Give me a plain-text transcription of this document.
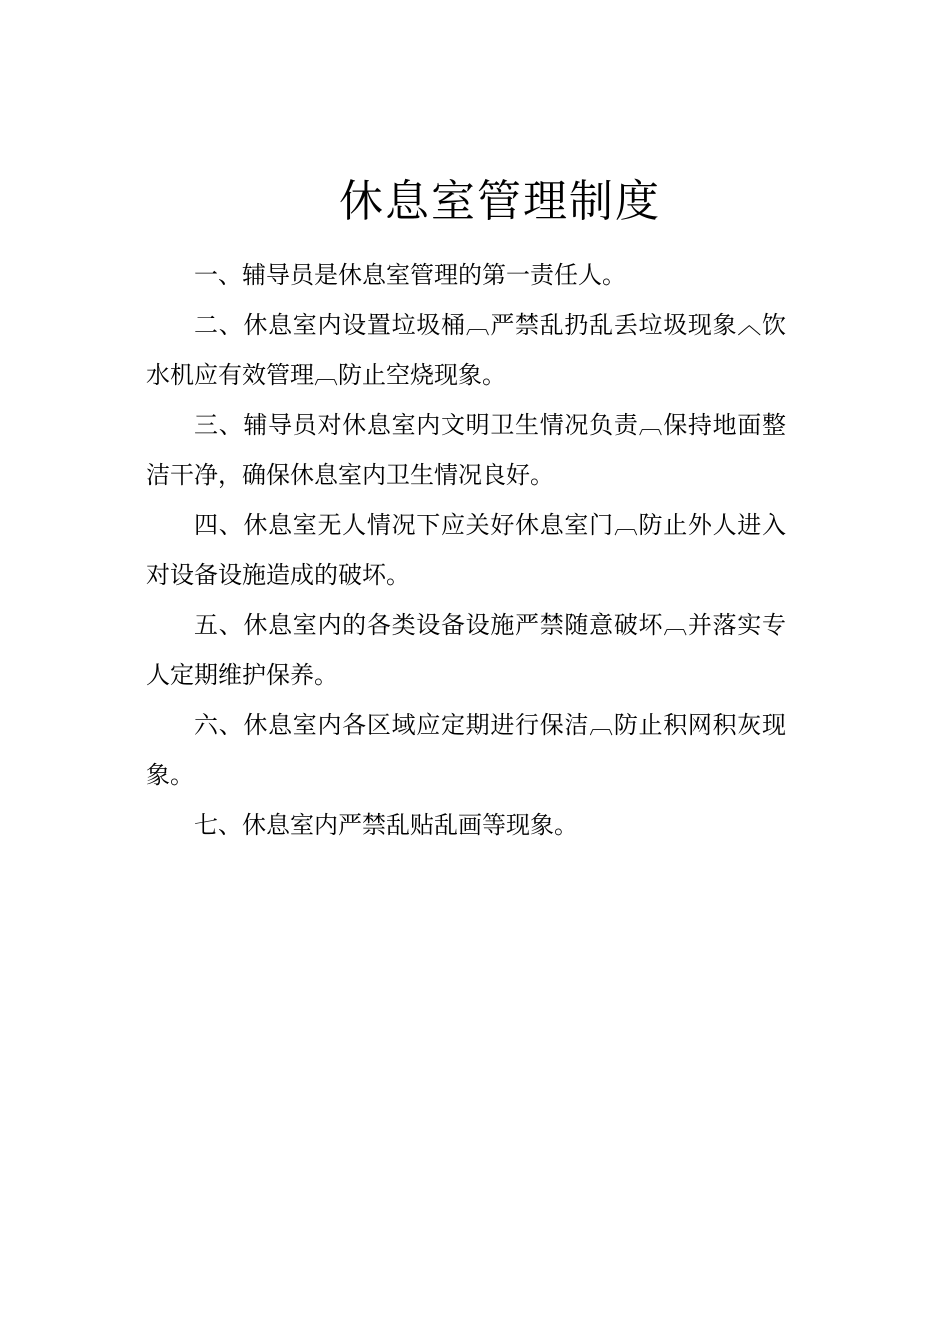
休息室管理制度

一、辅导员是休息室管理的第一责任人。

二、休息室内设置垃圾桶︹严禁乱扔乱丢垃圾现象︿饮水机应有效管理︹防止空烧现象。

三、辅导员对休息室内文明卫生情况负责︹保持地面整洁干净，确保休息室内卫生情况良好。

四、休息室无人情况下应关好休息室门︹防止外人进入对设备设施造成的破坏。

五、休息室内的各类设备设施严禁随意破坏︹并落实专人定期维护保养。

六、休息室内各区域应定期进行保洁︹防止积网积灰现象。

七、休息室内严禁乱贴乱画等现象。
